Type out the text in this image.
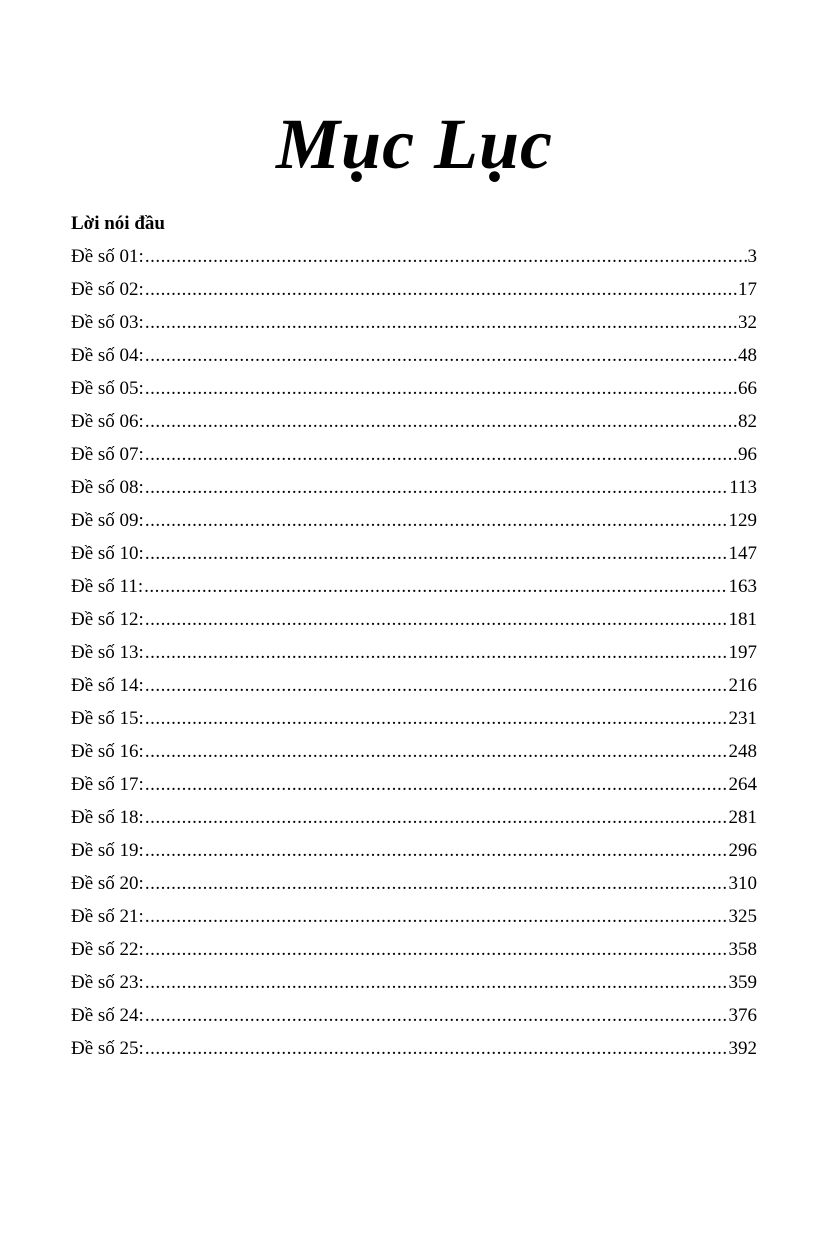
Mục Lục
Lời nói đầu
Đề số 01: .....	3
Đề số 02: .....	17
Đề số 03: .....	32
Đề số 04: .....	48
Đề số 05: .....	66
Đề số 06: .....	82
Đề số 07: .....	96
Đề số 08: .....	113
Đề số 09: .....	129
Đề số 10: .....	147
Đề số 11: .....	163
Đề số 12: .....	181
Đề số 13: .....	197
Đề số 14: .....	216
Đề số 15: .....	231
Đề số 16: .....	248
Đề số 17: .....	264
Đề số 18: .....	281
Đề số 19: .....	296
Đề số 20: .....	310
Đề số 21: .....	325
Đề số 22: .....	358
Đề số 23: .....	359
Đề số 24: .....	376
Đề số 25: .....	392
